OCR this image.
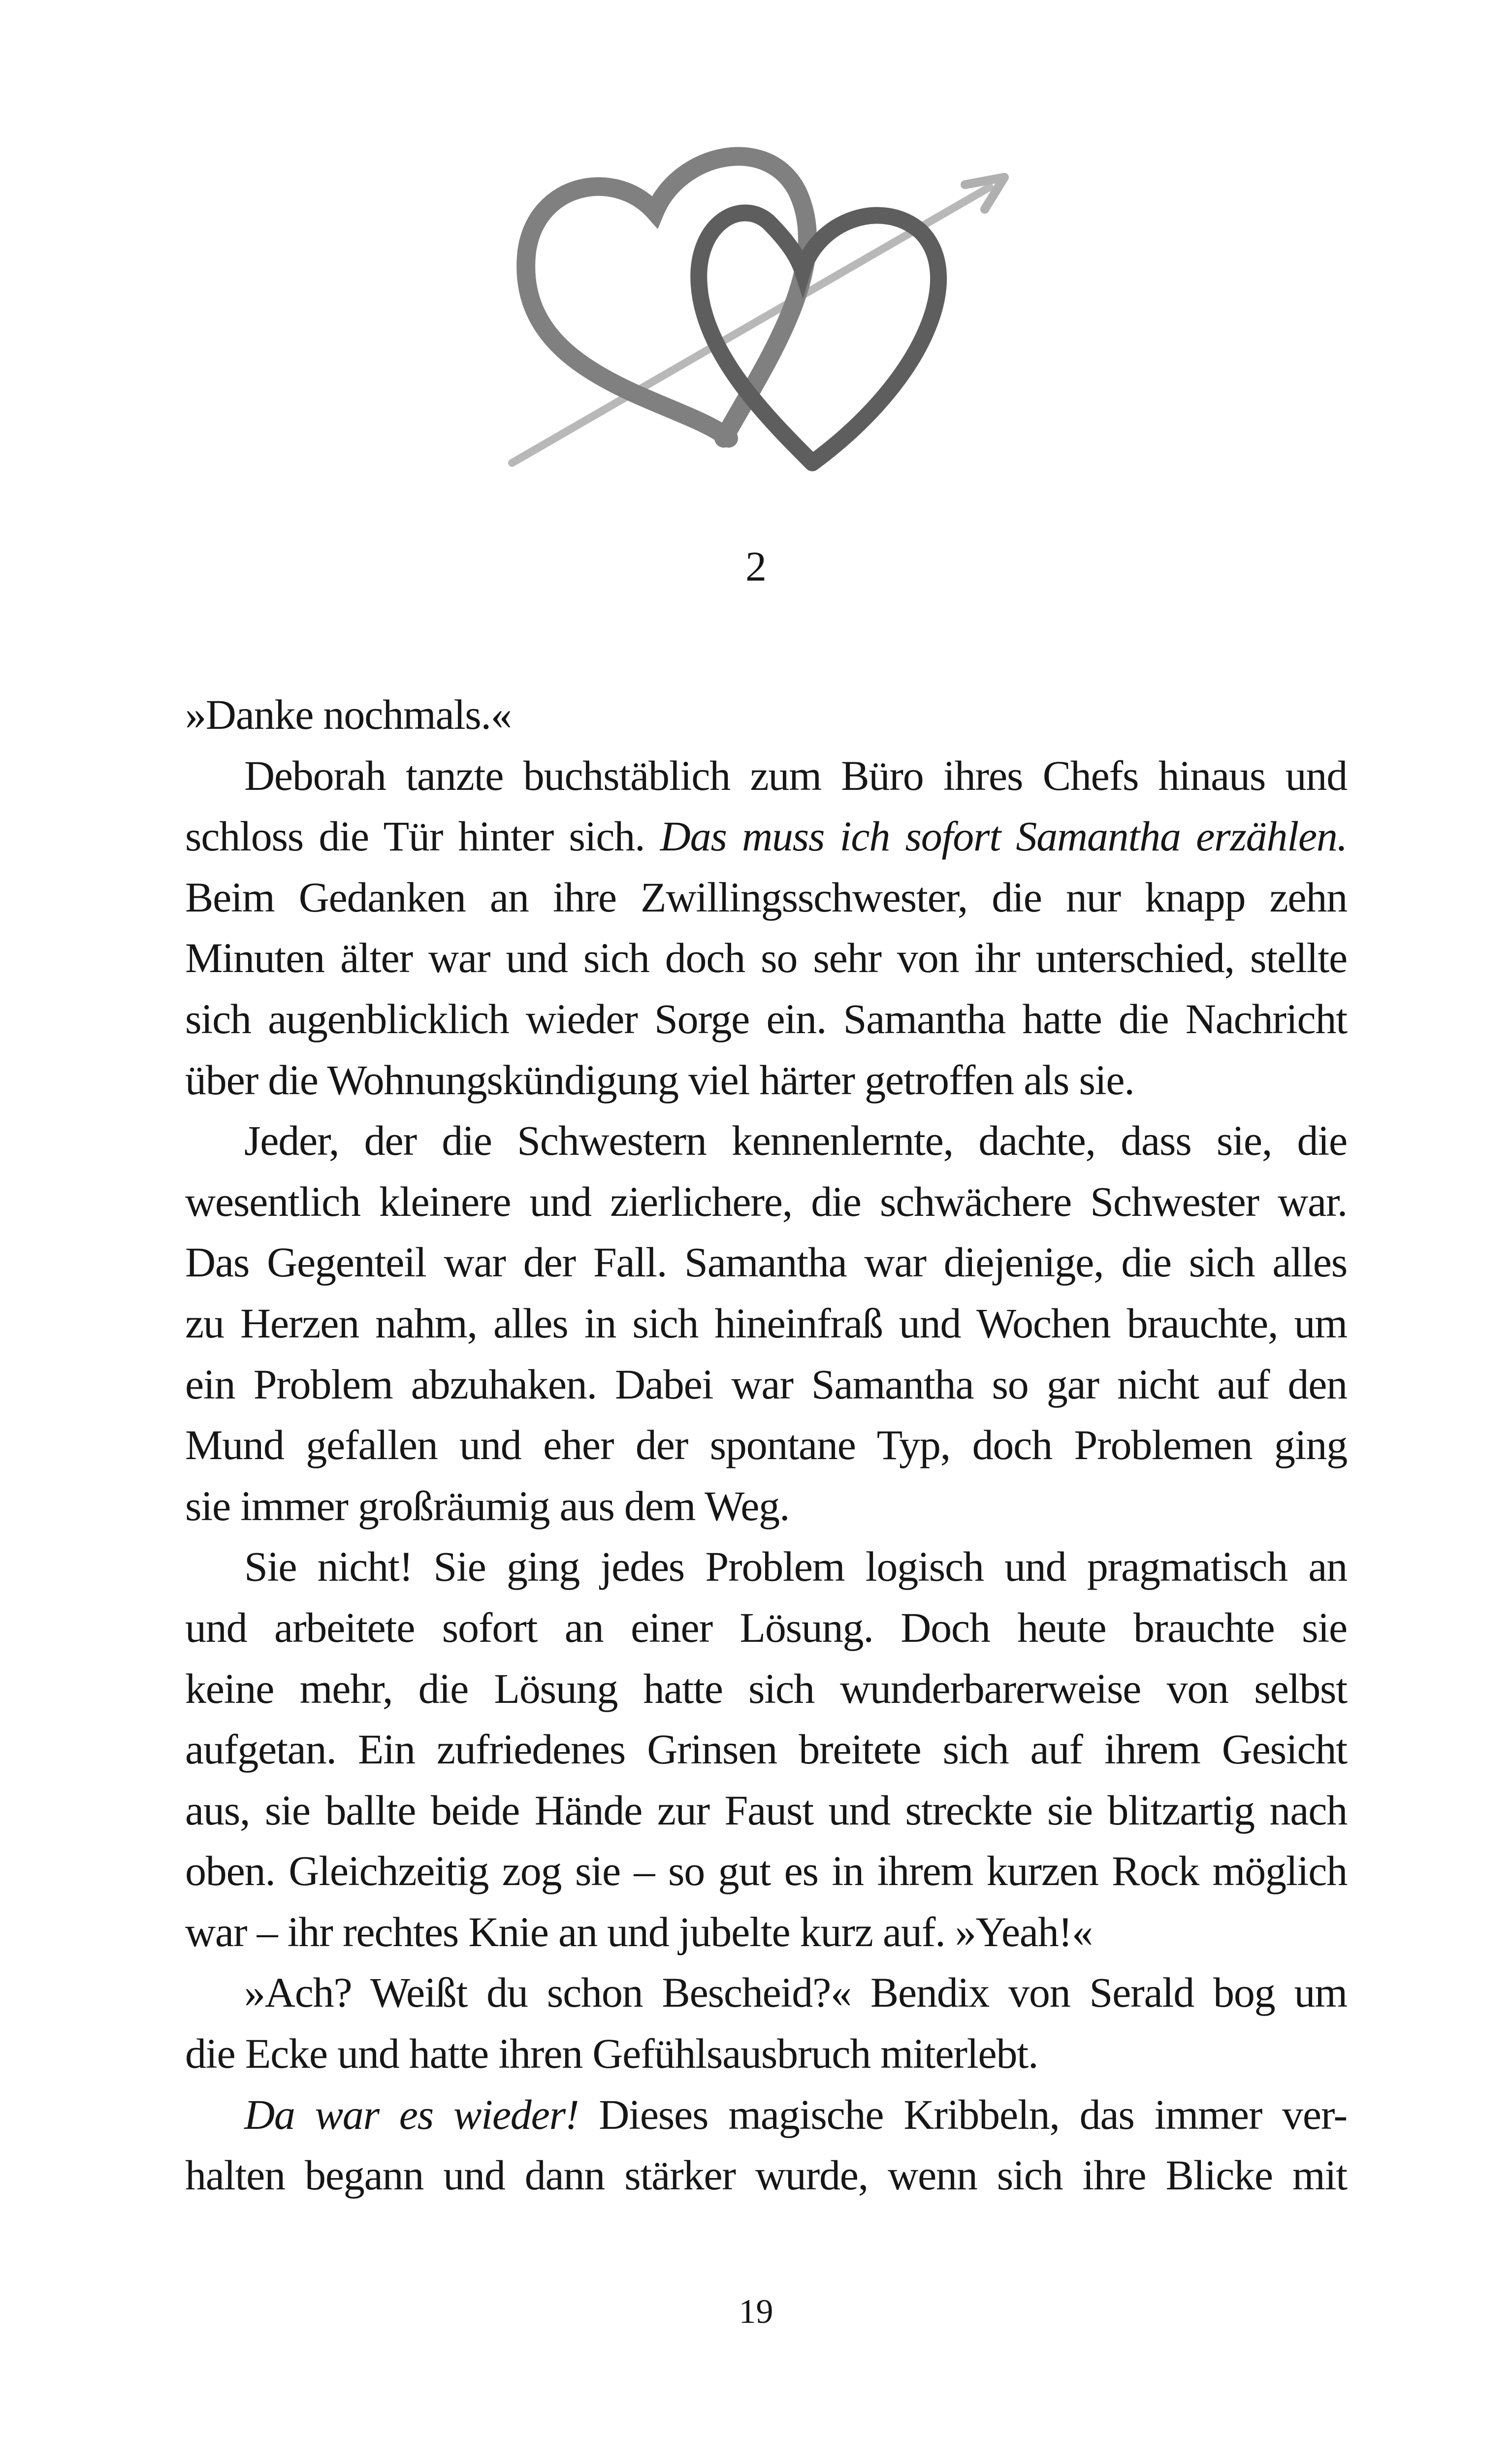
2
»Danke nochmals.«
Deborah tanzte buchstäblich zum Büro ihres Chefs hinaus und
schloss die Tür hinter sich. Das muss ich sofort Samantha erzählen.
Beim Gedanken an ihre Zwillingsschwester, die nur knapp zehn
Minuten älter war und sich doch so sehr von ihr unterschied, stellte
sich augenblicklich wieder Sorge ein. Samantha hatte die Nachricht
über die Wohnungskündigung viel härter getroffen als sie.
Jeder, der die Schwestern kennenlernte, dachte, dass sie, die
wesentlich kleinere und zierlichere, die schwächere Schwester war.
Das Gegenteil war der Fall. Samantha war diejenige, die sich alles
zu Herzen nahm, alles in sich hineinfraß und Wochen brauchte, um
ein Problem abzuhaken. Dabei war Samantha so gar nicht auf den
Mund gefallen und eher der spontane Typ, doch Problemen ging
sie immer großräumig aus dem Weg.
Sie nicht! Sie ging jedes Problem logisch und pragmatisch an
und arbeitete sofort an einer Lösung. Doch heute brauchte sie
keine mehr, die Lösung hatte sich wunderbarerweise von selbst
aufgetan. Ein zufriedenes Grinsen breitete sich auf ihrem Gesicht
aus, sie ballte beide Hände zur Faust und streckte sie blitzartig nach
oben. Gleichzeitig zog sie – so gut es in ihrem kurzen Rock möglich
war – ihr rechtes Knie an und jubelte kurz auf. »Yeah!«
»Ach? Weißt du schon Bescheid?« Bendix von Serald bog um
die Ecke und hatte ihren Gefühlsausbruch miterlebt.
Da war es wieder! Dieses magische Kribbeln, das immer ver-
halten begann und dann stärker wurde, wenn sich ihre Blicke mit
19
